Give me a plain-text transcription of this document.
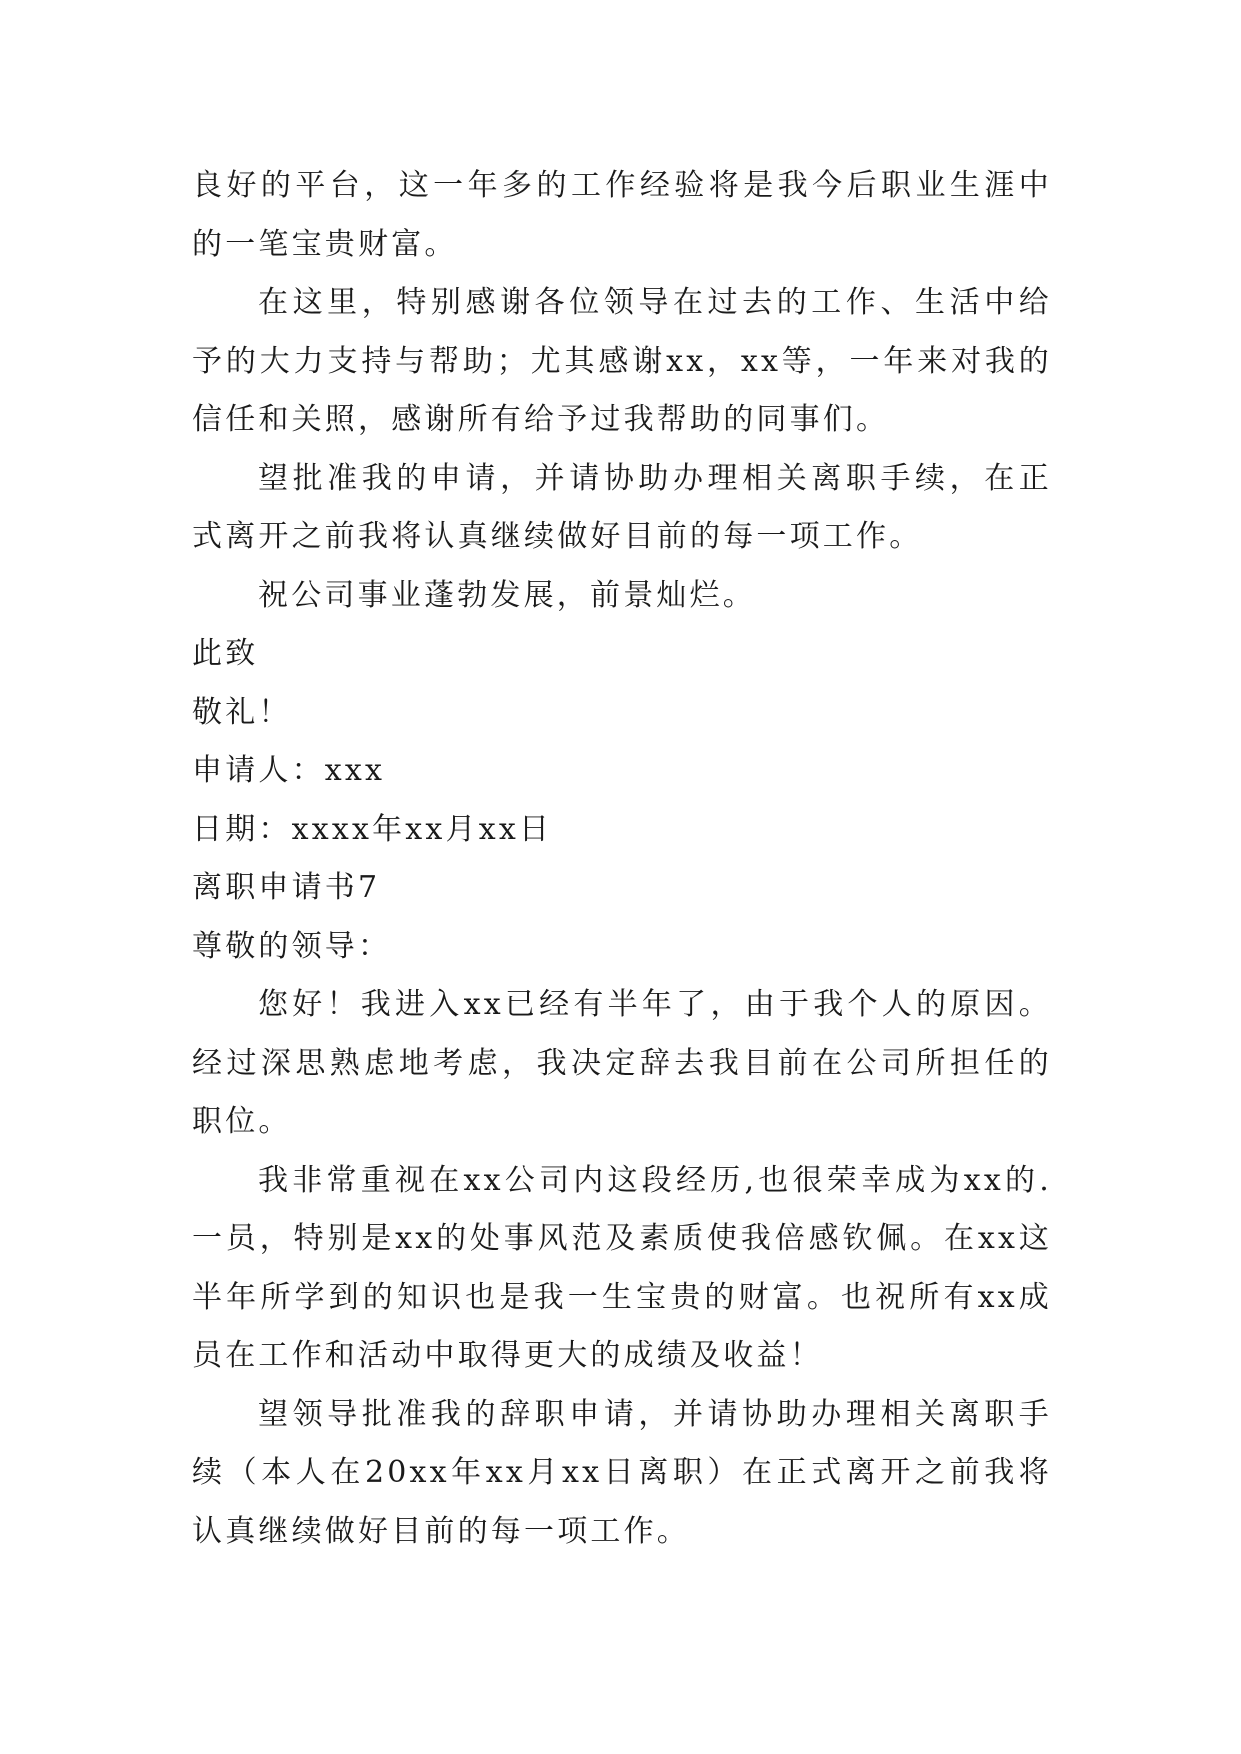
良好的平台，这一年多的工作经验将是我今后职业生涯中的一笔宝贵财富。

在这里，特别感谢各位领导在过去的工作、生活中给予的大力支持与帮助；尤其感谢xx，xx等，一年来对我的信任和关照，感谢所有给予过我帮助的同事们。

望批准我的申请，并请协助办理相关离职手续，在正式离开之前我将认真继续做好目前的每一项工作。

祝公司事业蓬勃发展，前景灿烂。

此致

敬礼！

申请人：xxx

日期：xxxx年xx月xx日

离职申请书7

尊敬的领导：

您好！我进入xx已经有半年了，由于我个人的原因。经过深思熟虑地考虑，我决定辞去我目前在公司所担任的职位。

我非常重视在xx公司内这段经历,也很荣幸成为xx的.一员，特别是xx的处事风范及素质使我倍感钦佩。在xx这半年所学到的知识也是我一生宝贵的财富。也祝所有xx成员在工作和活动中取得更大的成绩及收益！

望领导批准我的辞职申请，并请协助办理相关离职手续（本人在20xx年xx月xx日离职）在正式离开之前我将认真继续做好目前的每一项工作。
